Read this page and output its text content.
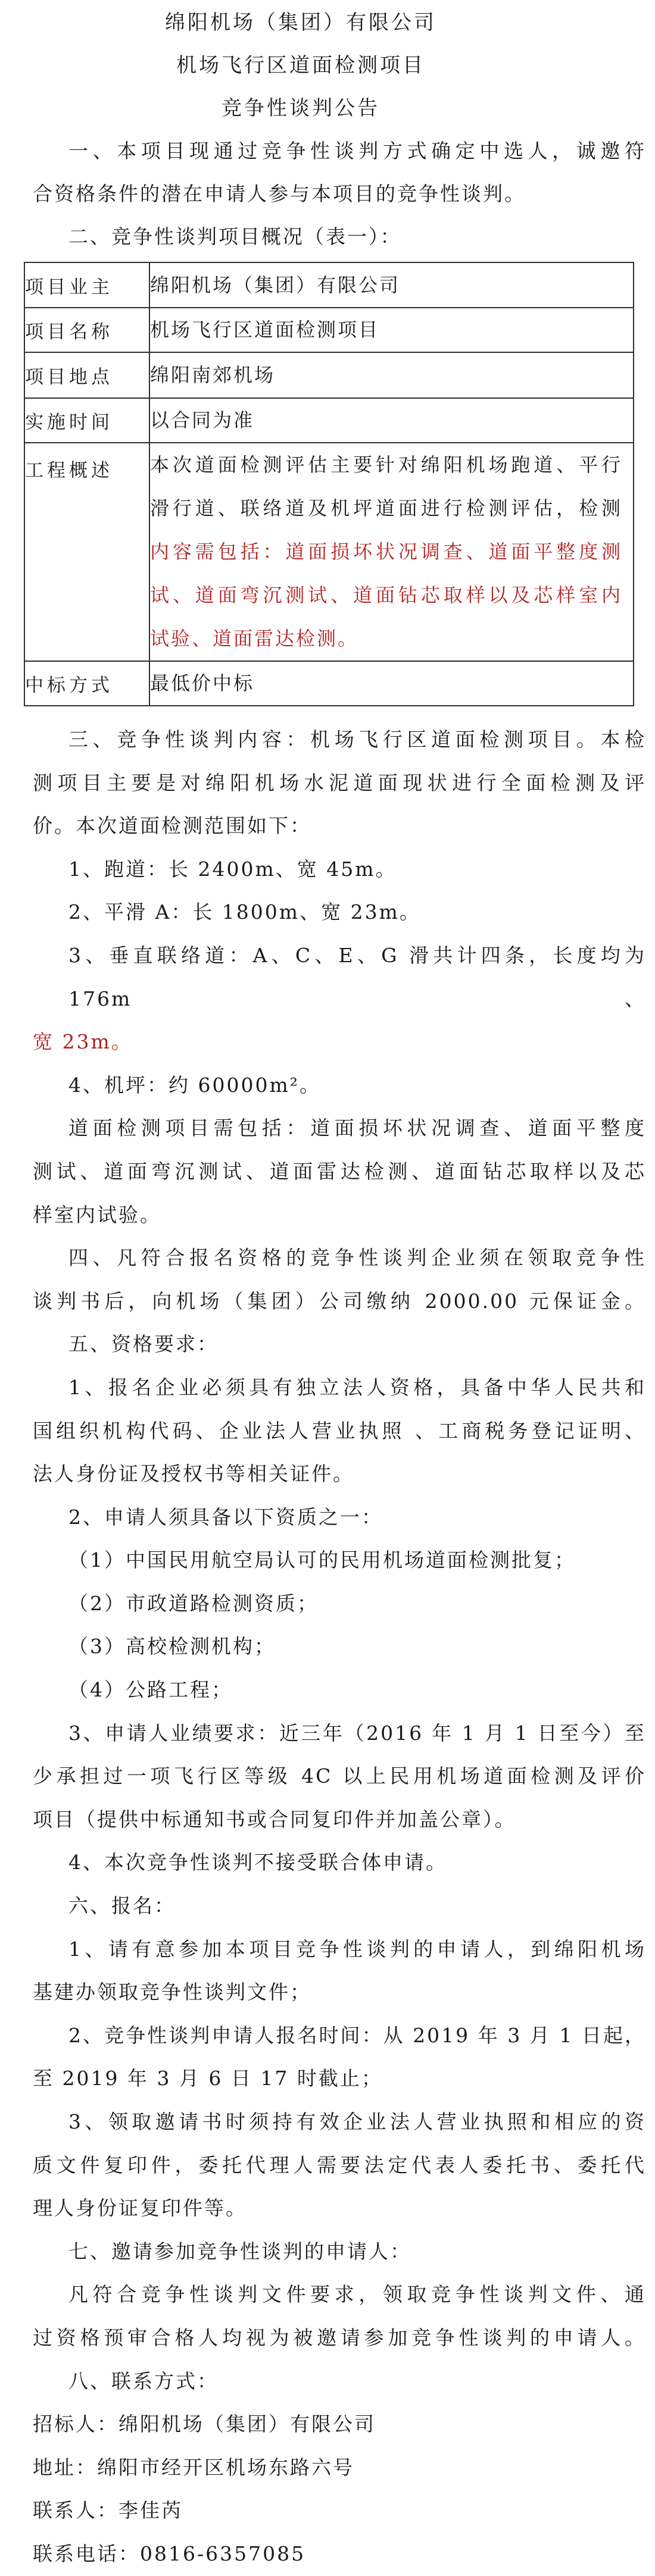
绵阳机场（集团）有限公司
机场飞行区道面检测项目
竞争性谈判公告
一、本项目现通过竞争性谈判方式确定中选人，诚邀符
合资格条件的潜在申请人参与本项目的竞争性谈判。
二、竞争性谈判项目概况（表一）：
项目业主	绵阳机场（集团）有限公司

项目名称	机场飞行区道面检测项目

项目地点	绵阳南郊机场

实施时间	以合同为准

工程概述	本次道面检测评估主要针对绵阳机场跑道、平行
滑行道、联络道及机坪道面进行检测评估，检测
内容需包括：道面损坏状况调查、道面平整度测
试、道面弯沉测试、道面钻芯取样以及芯样室内
试验、道面雷达检测。

中标方式	最低价中标
三、竞争性谈判内容：机场飞行区道面检测项目。本检
测项目主要是对绵阳机场水泥道面现状进行全面检测及评
价。本次道面检测范围如下：
1、跑道：长 2400m、宽 45m。
2、平滑 A：长 1800m、宽 23m。
3、垂直联络道：A、C、E、G 滑共计四条，长度均为 176m、
宽 23m。
4、机坪：约 60000m²。
道面检测项目需包括：道面损坏状况调查、道面平整度
测试、道面弯沉测试、道面雷达检测、道面钻芯取样以及芯
样室内试验。
四、凡符合报名资格的竞争性谈判企业须在领取竞争性
谈判书后，向机场（集团）公司缴纳 2000.00 元保证金。
五、资格要求：
1、报名企业必须具有独立法人资格，具备中华人民共和
国组织机构代码、企业法人营业执照 、工商税务登记证明、
法人身份证及授权书等相关证件。
2、申请人须具备以下资质之一：
（1）中国民用航空局认可的民用机场道面检测批复；
（2）市政道路检测资质；
（3）高校检测机构；
（4）公路工程；
3、申请人业绩要求：近三年（2016 年 1 月 1 日至今）至
少承担过一项飞行区等级 4C 以上民用机场道面检测及评价
项目（提供中标通知书或合同复印件并加盖公章）。
4、本次竞争性谈判不接受联合体申请。
六、报名：
1、请有意参加本项目竞争性谈判的申请人，到绵阳机场
基建办领取竞争性谈判文件；
2、竞争性谈判申请人报名时间：从 2019 年 3 月 1 日起，
至 2019 年 3 月 6 日 17 时截止；
3、领取邀请书时须持有效企业法人营业执照和相应的资
质文件复印件，委托代理人需要法定代表人委托书、委托代
理人身份证复印件等。
七、邀请参加竞争性谈判的申请人：
凡符合竞争性谈判文件要求，领取竞争性谈判文件、通
过资格预审合格人均视为被邀请参加竞争性谈判的申请人。
八、联系方式：
招标人：绵阳机场（集团）有限公司
地址：绵阳市经开区机场东路六号
联系人：李佳芮
联系电话：0816-6357085
